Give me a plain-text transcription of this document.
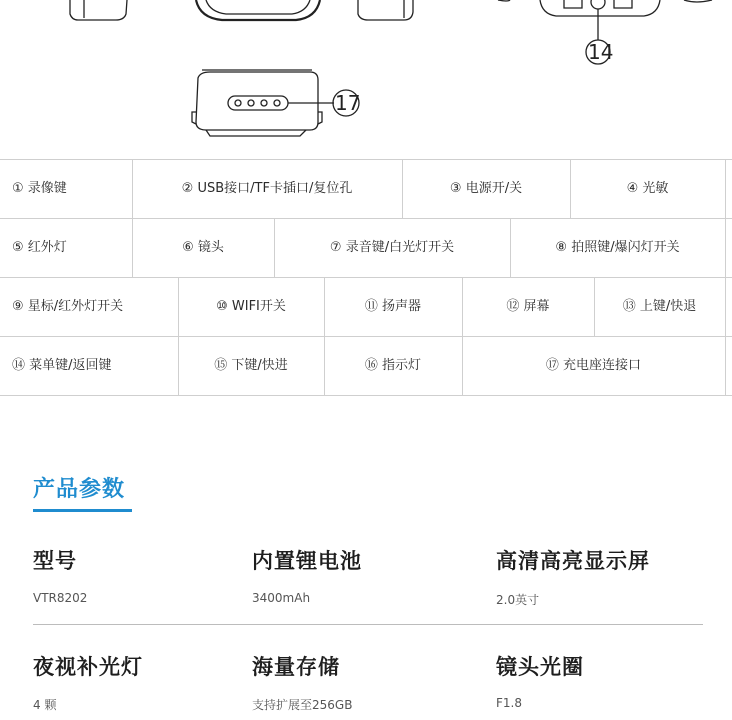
14
17
① 录像键	② USB接口/TF卡插口/复位孔	③ 电源开/关	④ 光敏
⑤ 红外灯	⑥ 镜头	⑦ 录音键/白光灯开关	⑧ 拍照键/爆闪灯开关
⑨ 星标/红外灯开关	⑩ WIFI开关	⑪ 扬声器	⑫ 屏幕	⑬ 上键/快退
⑭ 菜单键/返回键	⑮ 下键/快进	⑯ 指示灯	⑰ 充电座连接口
产品参数
型号
VTR8202
内置锂电池
3400mAh
高清高亮显示屏
2.0英寸
夜视补光灯
4 颗
海量存储
支持扩展至256GB
镜头光圈
F1.8
